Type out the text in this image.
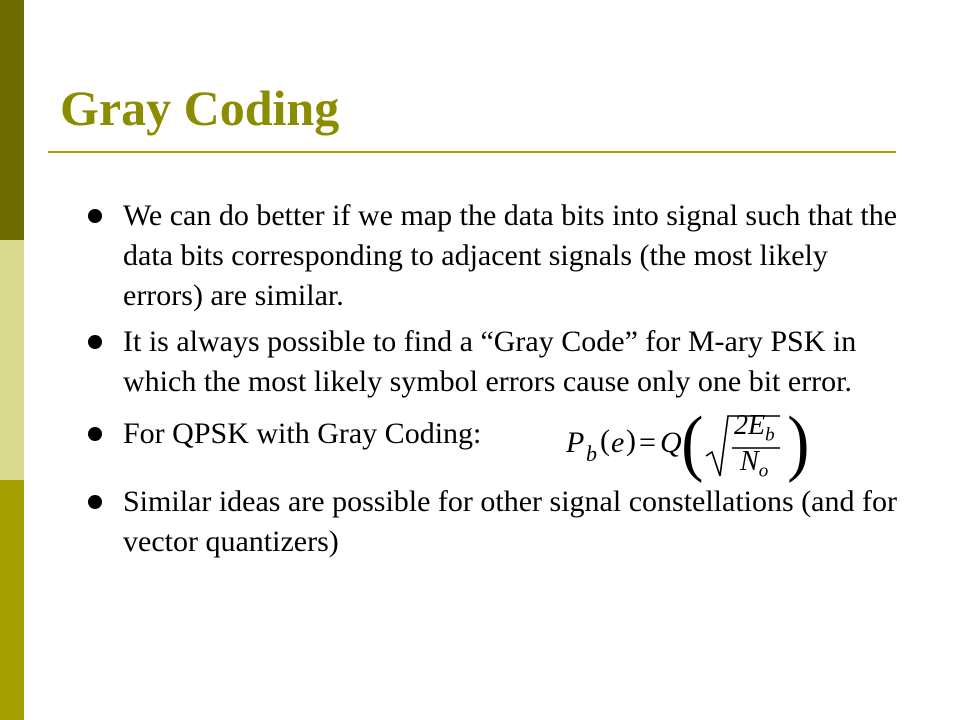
Gray Coding
We can do better if we map the data bits into signal such that the data bits corresponding to adjacent signals (the most likely errors) are similar.
It is always possible to find a “Gray Code” for M-ary PSK in which the most likely symbol errors cause only one bit error.
For QPSK with Gray Coding:	P b ( e ) = Q ( $2E_b$
$N_o$ )
Similar ideas are possible for other signal constellations (and for vector quantizers)
